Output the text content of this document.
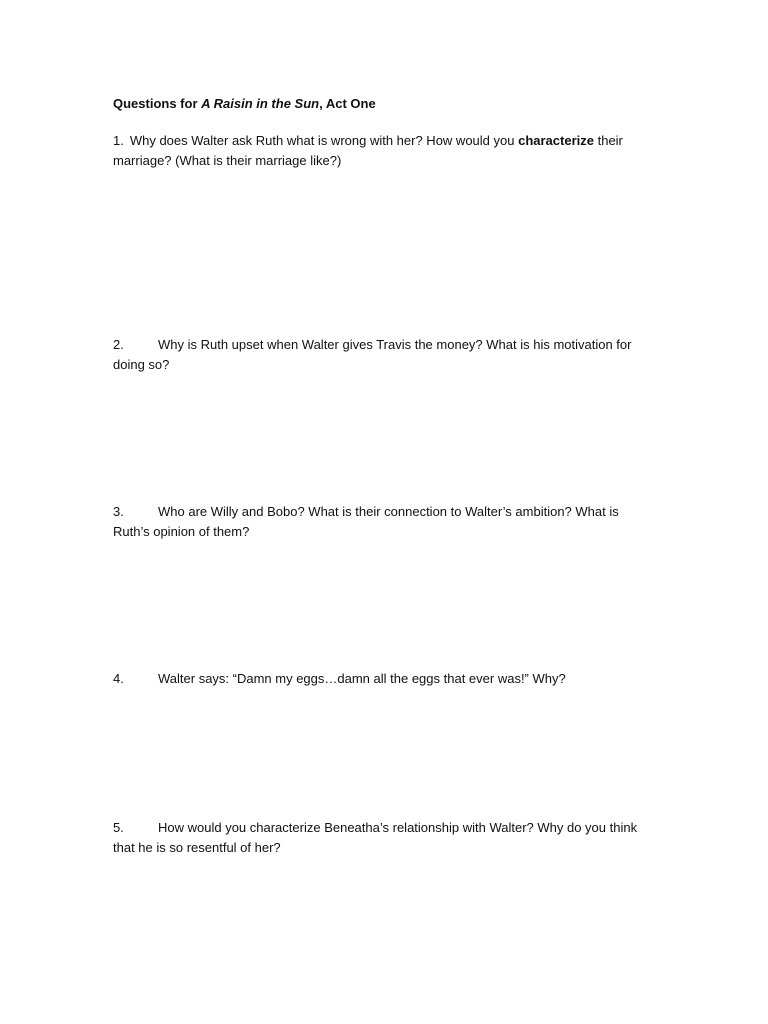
Questions for A Raisin in the Sun, Act One
1. Why does Walter ask Ruth what is wrong with her? How would you characterize their marriage? (What is their marriage like?)
2.	Why is Ruth upset when Walter gives Travis the money? What is his motivation for doing so?
3.	Who are Willy and Bobo? What is their connection to Walter’s ambition? What is Ruth’s opinion of them?
4.	Walter says: “Damn my eggs…damn all the eggs that ever was!” Why?
5.	How would you characterize Beneatha’s relationship with Walter? Why do you think that he is so resentful of her?
